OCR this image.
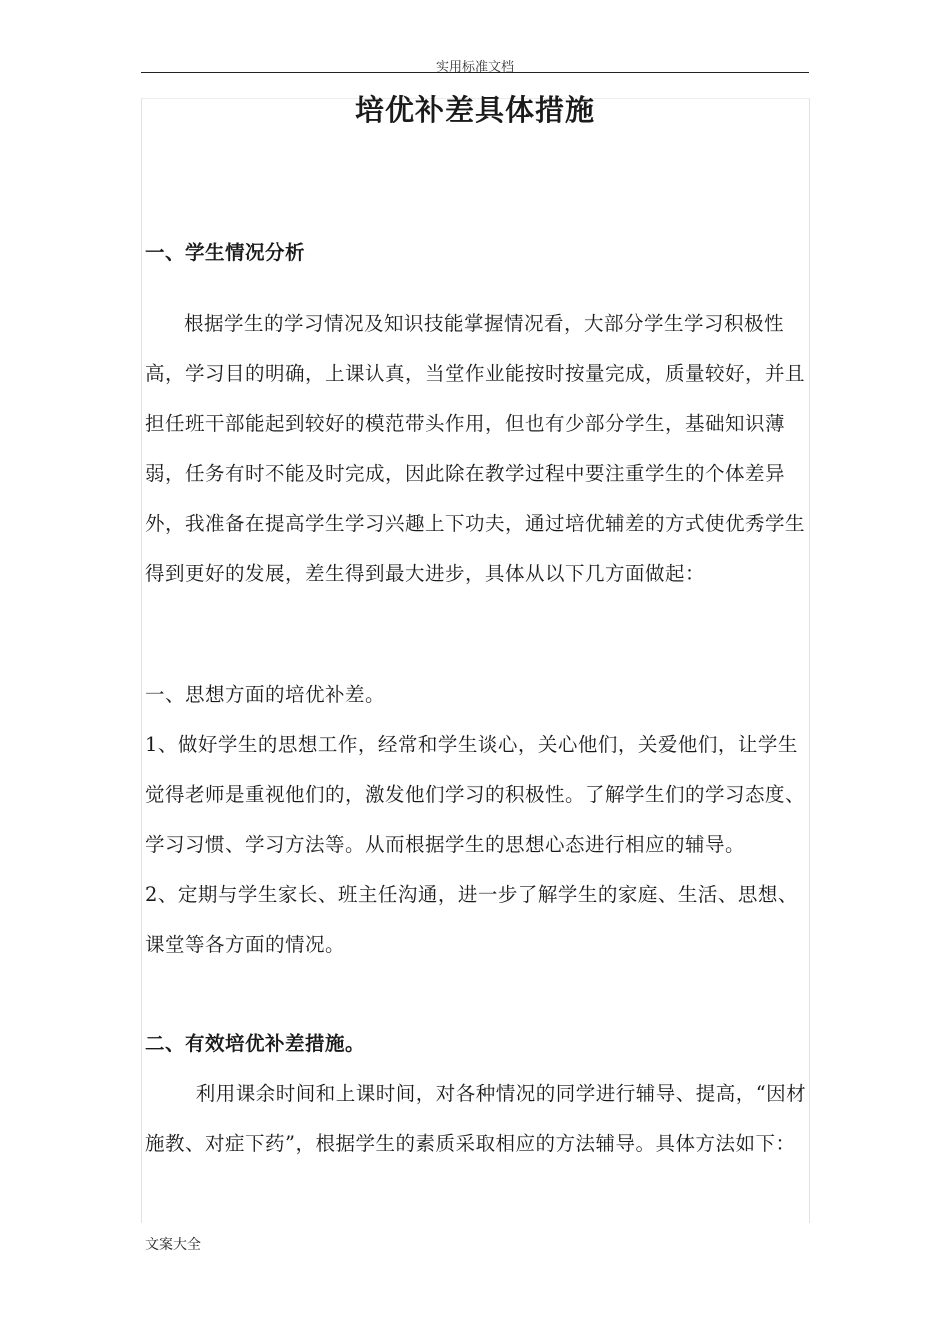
实用标准文档
培优补差具体措施

一、学生情况分析

根据学生的学习情况及知识技能掌握情况看，大部分学生学习积极性高，学习目的明确，上课认真，当堂作业能按时按量完成，质量较好，并且担任班干部能起到较好的模范带头作用，但也有少部分学生，基础知识薄弱，任务有时不能及时完成，因此除在教学过程中要注重学生的个体差异外，我准备在提高学生学习兴趣上下功夫，通过培优辅差的方式使优秀学生得到更好的发展，差生得到最大进步，具体从以下几方面做起：

一、思想方面的培优补差。

1、做好学生的思想工作，经常和学生谈心，关心他们，关爱他们，让学生觉得老师是重视他们的，激发他们学习的积极性。了解学生们的学习态度、学习习惯、学习方法等。从而根据学生的思想心态进行相应的辅导。

2、定期与学生家长、班主任沟通，进一步了解学生的家庭、生活、思想、课堂等各方面的情况。

二、有效培优补差措施。

利用课余时间和上课时间，对各种情况的同学进行辅导、提高，“因材施教、对症下药”，根据学生的素质采取相应的方法辅导。具体方法如下：

文案大全
